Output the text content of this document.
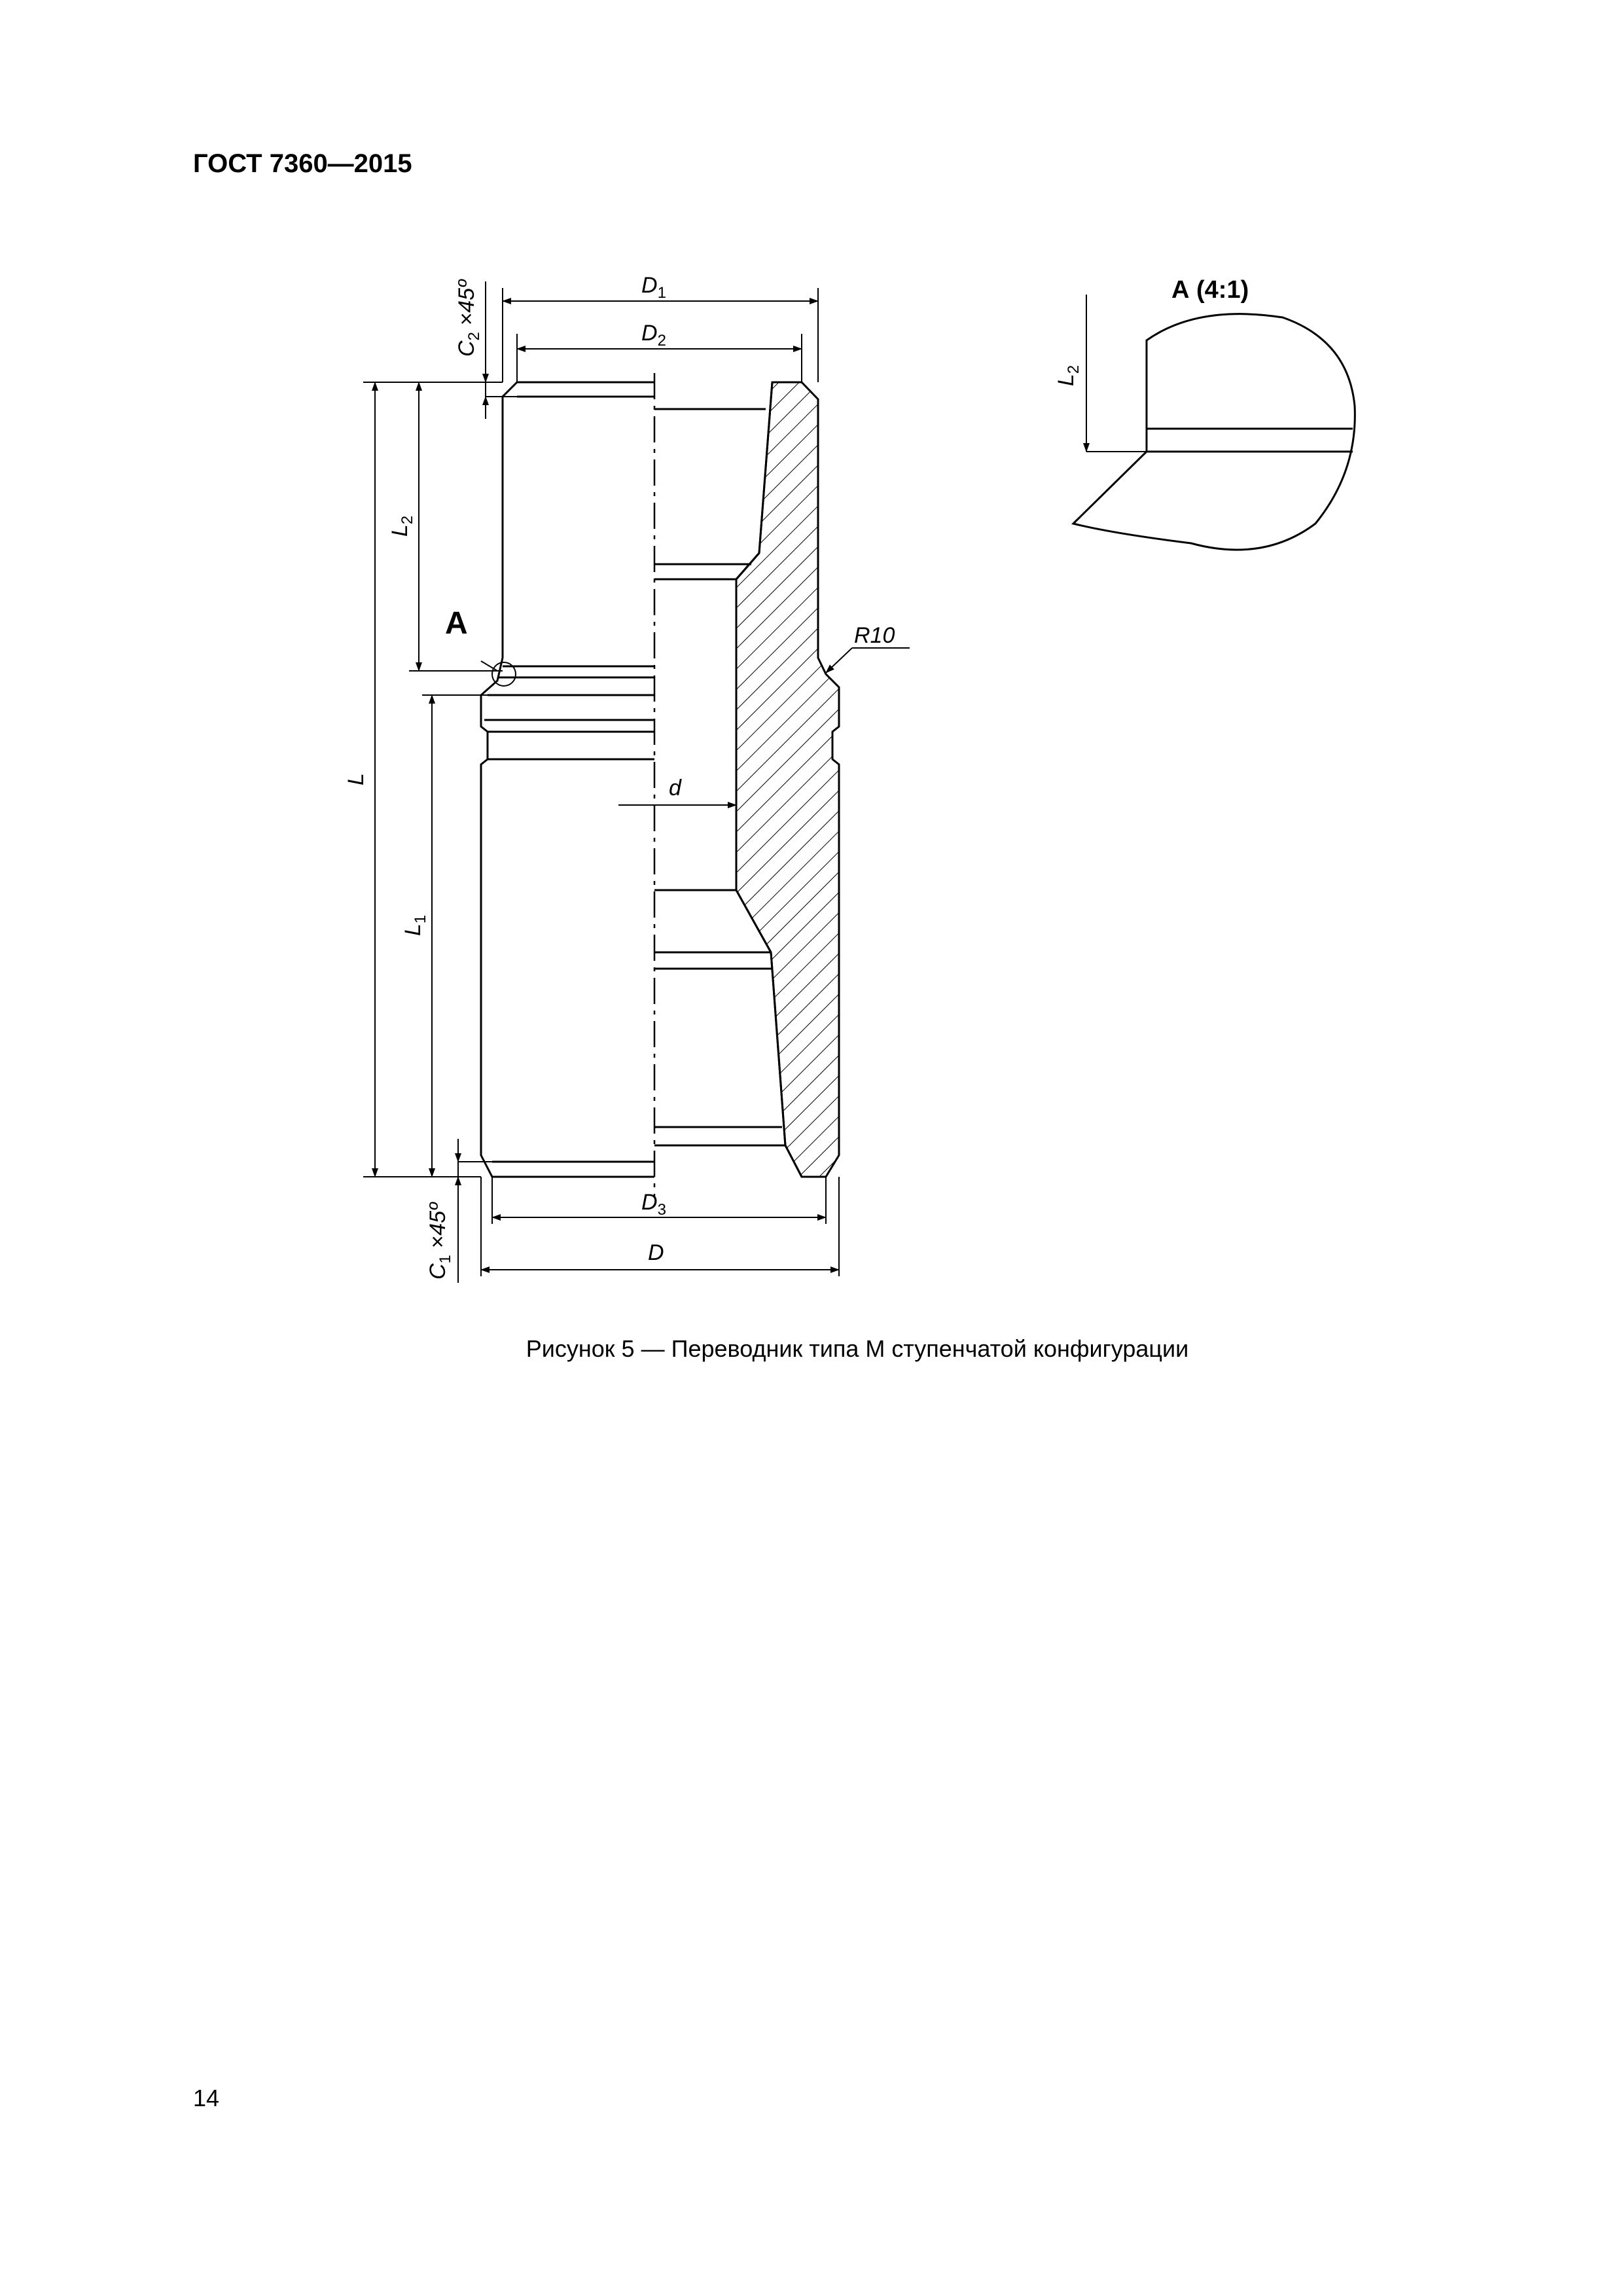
ГОСТ 7360—2015
$D_1$
$D_2$
$D_3$
D
L
$L_2$
$L_1$
$C_2$ ×45º
$C_1$ ×45º
d
R10
А
А (4:1)
$L_2$
Рисунок 5 — Переводник типа М ступенчатой конфигурации
14
